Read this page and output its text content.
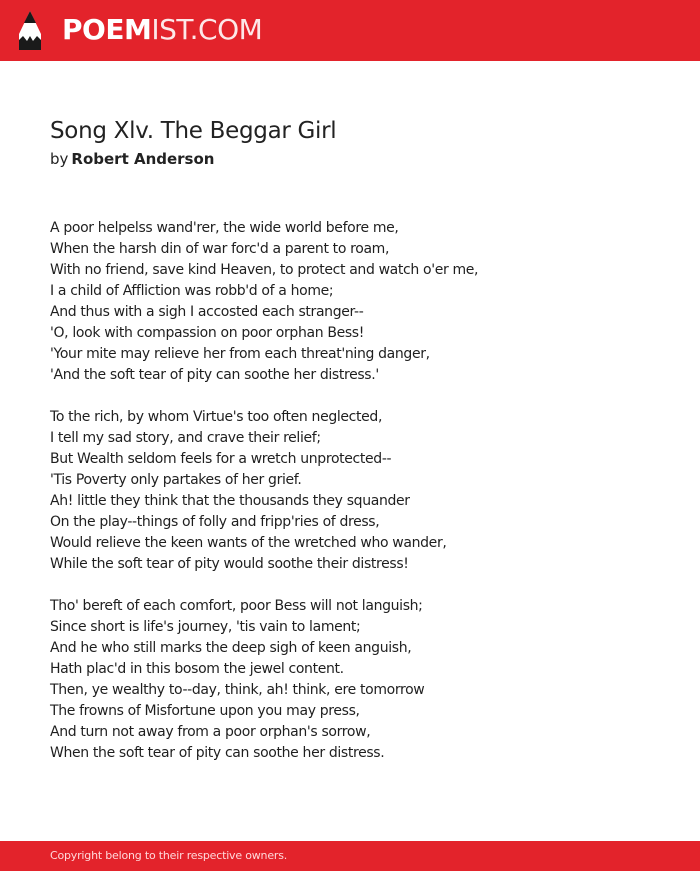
POEMIST.COM
Song Xlv. The Beggar Girl
by Robert Anderson
A poor helpelss wand'rer, the wide world before me,
When the harsh din of war forc'd a parent to roam,
With no friend, save kind Heaven, to protect and watch o'er me,
I a child of Affliction was robb'd of a home;
And thus with a sigh I accosted each stranger--
'O, look with compassion on poor orphan Bess!
'Your mite may relieve her from each threat'ning danger,
'And the soft tear of pity can soothe her distress.'
To the rich, by whom Virtue's too often neglected,
I tell my sad story, and crave their relief;
But Wealth seldom feels for a wretch unprotected--
'Tis Poverty only partakes of her grief.
Ah! little they think that the thousands they squander
On the play--things of folly and fripp'ries of dress,
Would relieve the keen wants of the wretched who wander,
While the soft tear of pity would soothe their distress!
Tho' bereft of each comfort, poor Bess will not languish;
Since short is life's journey, 'tis vain to lament;
And he who still marks the deep sigh of keen anguish,
Hath plac'd in this bosom the jewel content.
Then, ye wealthy to--day, think, ah! think, ere tomorrow
The frowns of Misfortune upon you may press,
And turn not away from a poor orphan's sorrow,
When the soft tear of pity can soothe her distress.
Copyright belong to their respective owners.
